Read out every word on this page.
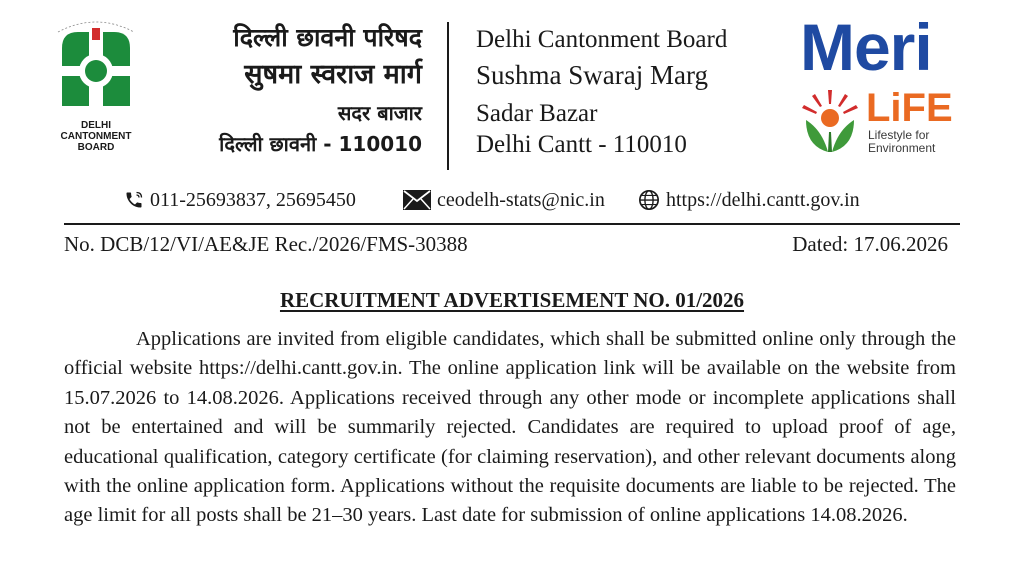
DELHI
CANTONMENT
BOARD
दिल्ली छावनी परिषद
सुषमा स्वराज मार्ग
सदर बाजार
दिल्ली छावनी - 110010
Delhi Cantonment Board
Sushma Swaraj Marg
Sadar Bazar
Delhi Cantt - 110010
Meri
LiFE
Lifestyle for
Environment
011-25693837, 25695450	ceodelh-stats@nic.in	https://delhi.cantt.gov.in
No. DCB/12/VI/AE&JE Rec./2026/FMS-30388	Dated: 17.06.2026
RECRUITMENT ADVERTISEMENT NO. 01/2026

Applications are invited from eligible candidates, which shall be submitted online only through the official website https://delhi.cantt.gov.in. The online application link will be available on the website from 15.07.2026 to 14.08.2026. Applications received through any other mode or incomplete applications shall not be entertained and will be summarily rejected. Candidates are required to upload proof of age, educational qualification, category certificate (for claiming reservation), and other relevant documents along with the online application form. Applications without the requisite documents are liable to be rejected. The age limit for all posts shall be 21–30 years. Last date for submission of online applications 14.08.2026.
